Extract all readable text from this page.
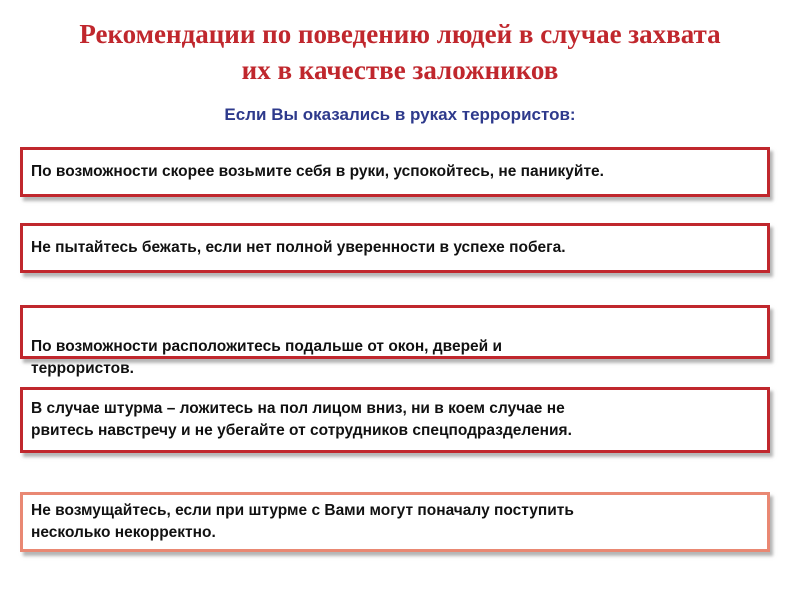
Рекомендации по поведению людей в случае захвата
их в качестве заложников

Если Вы оказались в руках террористов:

По возможности скорее возьмите себя в руки, успокойтесь, не паникуйте.
Не пытайтесь бежать, если нет полной уверенности в успехе побега.

По возможности расположитесь подальше от окон, дверей и
террористов.

В случае штурма – ложитесь на пол лицом вниз, ни в коем случае не
рвитесь навстречу и не убегайте от сотрудников спецподразделения.
Не возмущайтесь, если при штурме с Вами могут поначалу поступить
несколько некорректно.
